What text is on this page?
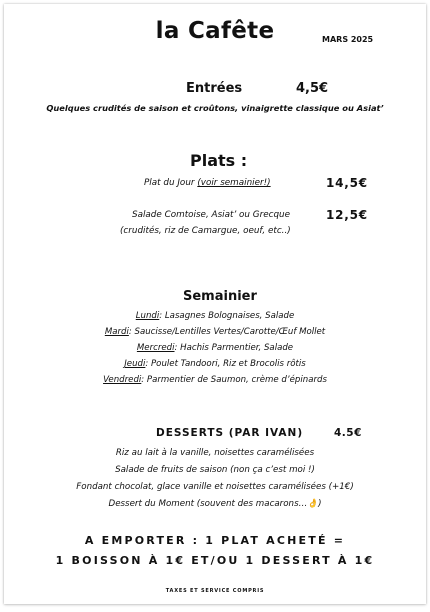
la Cafête	MARS 2025
Entrées	4,5€
Quelques crudités de saison et croûtons, vinaigrette classique ou Asiat’
Plats :
Plat du Jour (voir semainier!)	14,5€
Salade Comtoise, Asiat’ ou Grecque	12,5€
(crudités, riz de Camargue, oeuf, etc..)
Semainier
Lundi: Lasagnes Bolognaises, Salade
Mardi: Saucisse/Lentilles Vertes/Carotte/Œuf Mollet
Mercredi: Hachis Parmentier, Salade
Jeudi: Poulet Tandoori, Riz et Brocolis rôtis
Vendredi: Parmentier de Saumon, crème d’épinards
DESSERTS (PAR IVAN)	4.5€
Riz au lait à la vanille, noisettes caramélisées
Salade de fruits de saison (non ça c’est moi !)
Fondant chocolat, glace vanille et noisettes caramélisées (+1€)
Dessert du Moment (souvent des macarons…👌)
A EMPORTER : 1 PLAT ACHETÉ =
1 BOISSON À 1€ ET/OU 1 DESSERT À 1€
TAXES ET SERVICE COMPRIS
